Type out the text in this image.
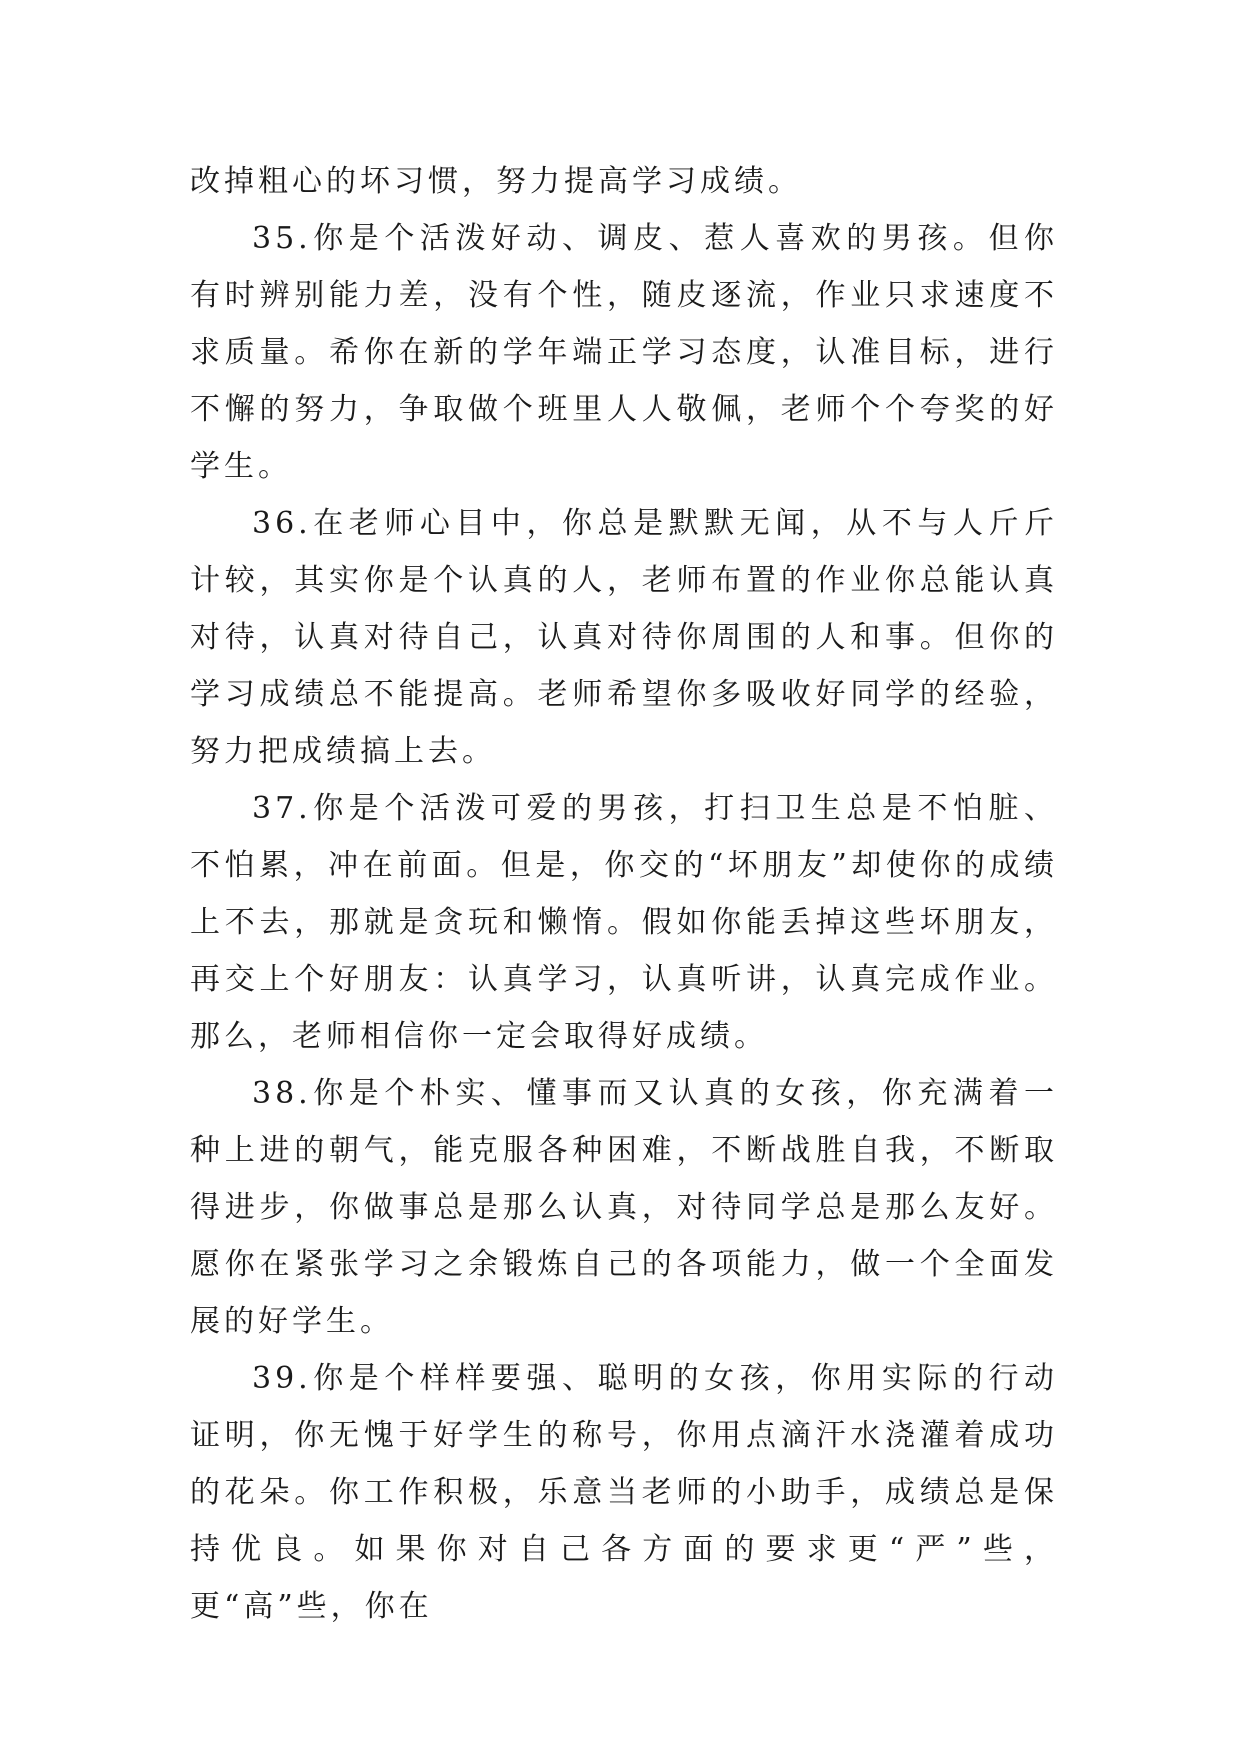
改掉粗心的坏习惯，努力提高学习成绩。

35.你是个活泼好动、调皮、惹人喜欢的男孩。但你有时辨别能力差，没有个性，随皮逐流，作业只求速度不求质量。希你在新的学年端正学习态度，认准目标，进行不懈的努力，争取做个班里人人敬佩，老师个个夸奖的好学生。

36.在老师心目中，你总是默默无闻，从不与人斤斤计较，其实你是个认真的人，老师布置的作业你总能认真对待，认真对待自己，认真对待你周围的人和事。但你的学习成绩总不能提高。老师希望你多吸收好同学的经验，努力把成绩搞上去。

37.你是个活泼可爱的男孩，打扫卫生总是不怕脏、不怕累，冲在前面。但是，你交的“坏朋友”却使你的成绩上不去，那就是贪玩和懒惰。假如你能丢掉这些坏朋友，再交上个好朋友：认真学习，认真听讲，认真完成作业。那么，老师相信你一定会取得好成绩。

38.你是个朴实、懂事而又认真的女孩，你充满着一种上进的朝气，能克服各种困难，不断战胜自我，不断取得进步，你做事总是那么认真，对待同学总是那么友好。愿你在紧张学习之余锻炼自己的各项能力，做一个全面发展的好学生。

39.你是个样样要强、聪明的女孩，你用实际的行动证明，你无愧于好学生的称号，你用点滴汗水浇灌着成功的花朵。你工作积极，乐意当老师的小助手，成绩总是保持优良。如果你对自己各方面的要求更“严”些，更“高”些，你在
